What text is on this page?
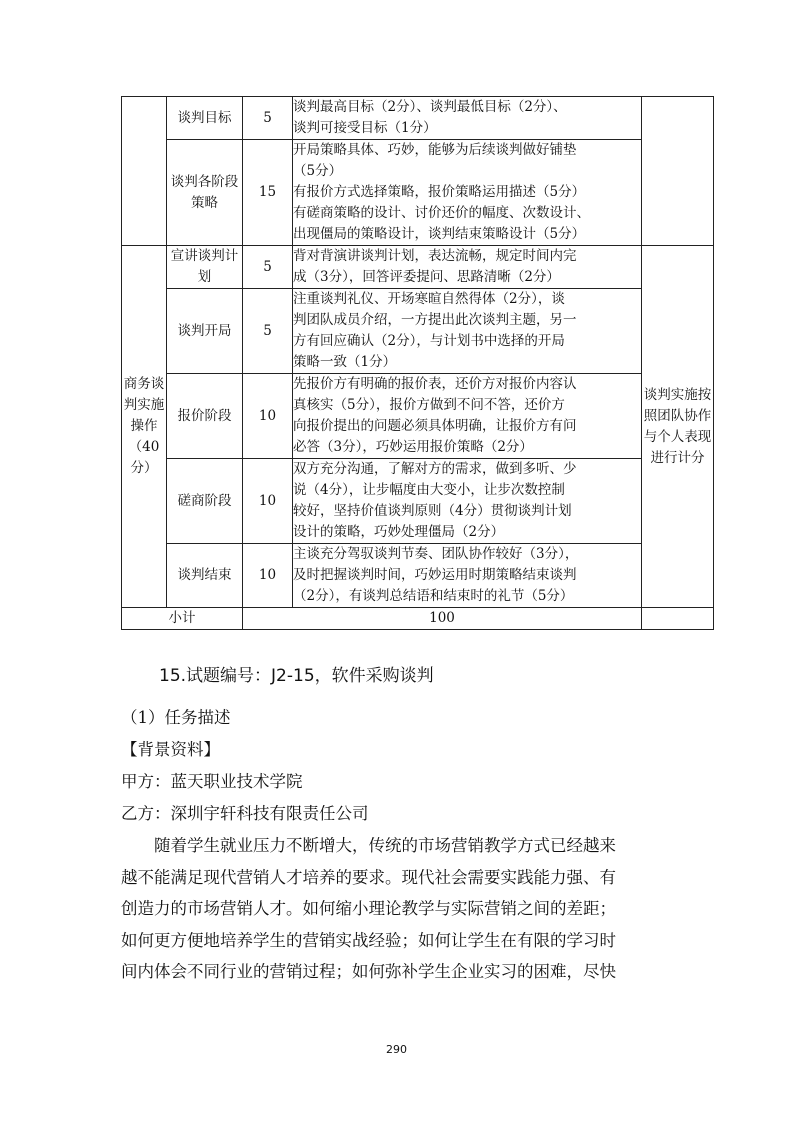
	谈判目标	5	谈判最高目标（2分）、谈判最低目标（2分）、
谈判可接受目标（1分）	

	谈判各阶段策略	15	开局策略具体、巧妙，能够为后续谈判做好铺垫
（5分）
有报价方式选择策略，报价策略运用描述（5分）
有磋商策略的设计、讨价还价的幅度、次数设计、
出现僵局的策略设计，谈判结束策略设计（5分）	

商务谈判实施操作（40分）	宣讲谈判计划	5	背对背演讲谈判计划，表达流畅，规定时间内完
成（3分），回答评委提问、思路清晰（2分）	谈判实施按照团队协作与个人表现进行计分
	谈判开局	5	注重谈判礼仪、开场寒暄自然得体（2分），谈
判团队成员介绍，一方提出此次谈判主题，另一
方有回应确认（2分），与计划书中选择的开局
策略一致（1分）	

	报价阶段	10	先报价方有明确的报价表，还价方对报价内容认
真核实（5分），报价方做到不问不答，还价方
向报价提出的问题必须具体明确，让报价方有问
必答（3分），巧妙运用报价策略（2分）	

	磋商阶段	10	双方充分沟通，了解对方的需求，做到多听、少
说（4分），让步幅度由大变小，让步次数控制
较好，坚持价值谈判原则（4分）贯彻谈判计划
设计的策略，巧妙处理僵局（2分）	

	谈判结束	10	主谈充分驾驭谈判节奏、团队协作较好（3分），
及时把握谈判时间，巧妙运用时期策略结束谈判
（2分），有谈判总结语和结束时的礼节（5分）	

小计		100		
15.试题编号：J2-15，软件采购谈判

（1）任务描述

【背景资料】

甲方：蓝天职业技术学院

乙方：深圳宇轩科技有限责任公司

　　随着学生就业压力不断增大，传统的市场营销教学方式已经越来
越不能满足现代营销人才培养的要求。现代社会需要实践能力强、有
创造力的市场营销人才。如何缩小理论教学与实际营销之间的差距；
如何更方便地培养学生的营销实战经验；如何让学生在有限的学习时
间内体会不同行业的营销过程；如何弥补学生企业实习的困难，尽快
290
